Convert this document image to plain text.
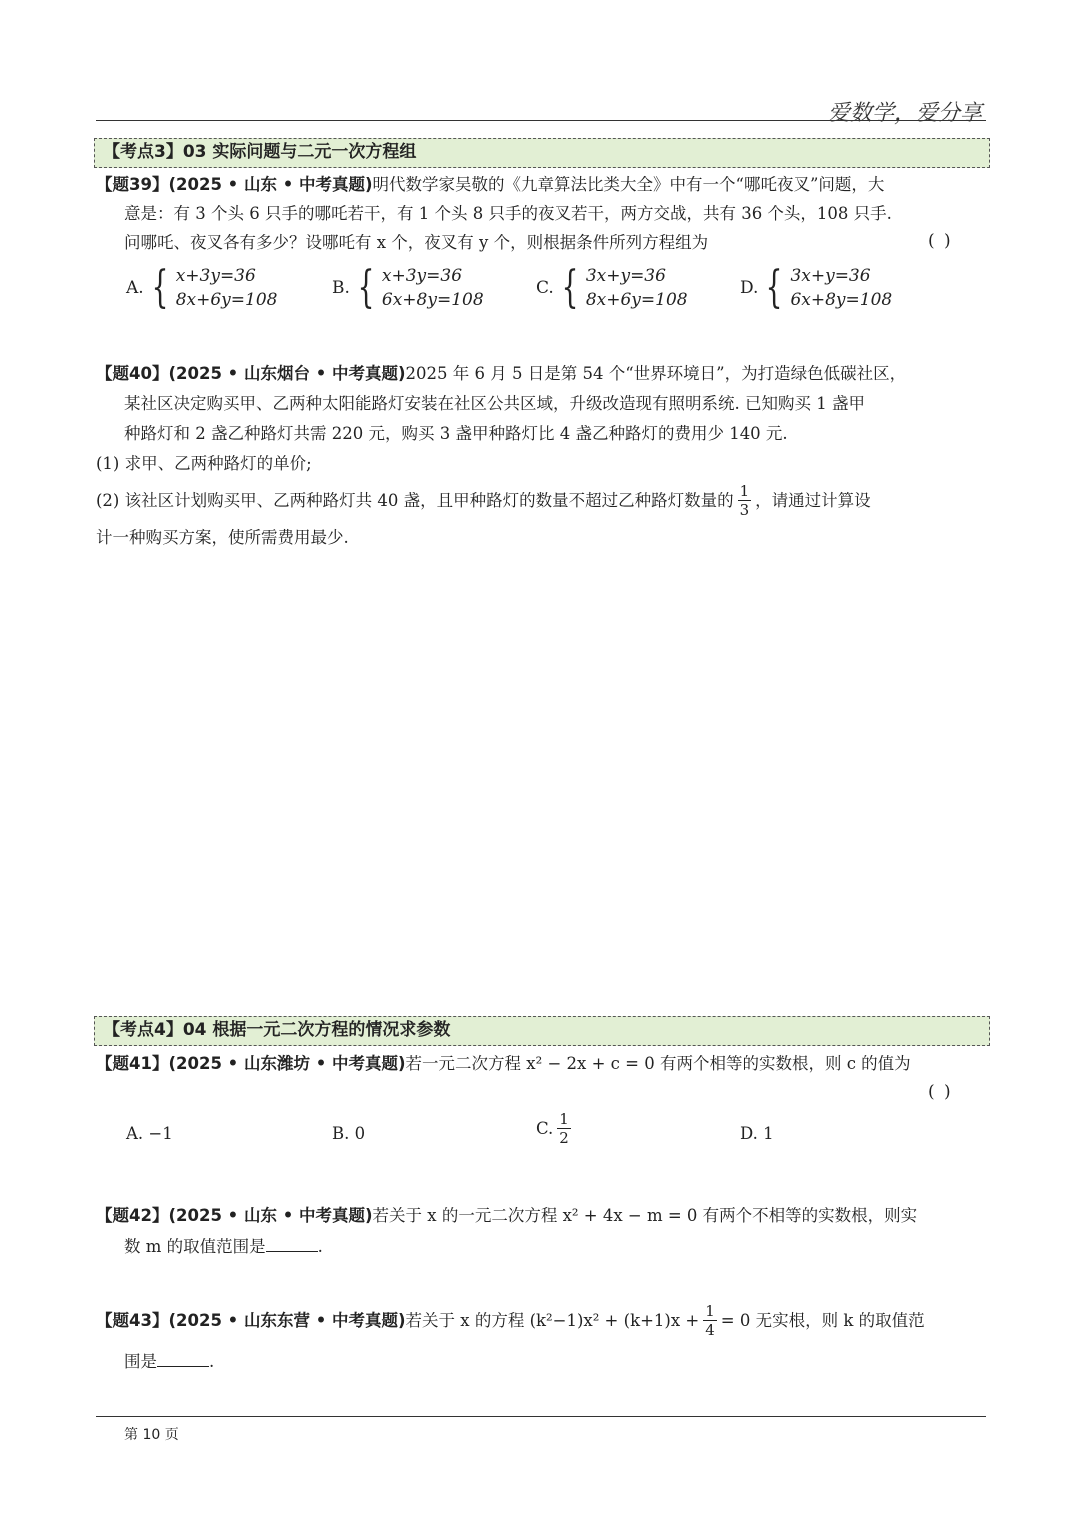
爱数学，爱分享
【考点3】03 实际问题与二元一次方程组
【题39】(2025 • 山东 • 中考真题)明代数学家吴敬的《九章算法比类大全》中有一个“哪吒夜叉”问题，大
意是：有 3 个头 6 只手的哪吒若干，有 1 个头 8 只手的夜叉若干，两方交战，共有 36 个头，108 只手.
问哪吒、夜叉各有多少？设哪吒有 x 个，夜叉有 y 个，则根据条件所列方程组为	( )
A. { x+3y=36
8x+6y=108
B. { x+3y=36
6x+8y=108
C. { 3x+y=36
8x+6y=108
D. { 3x+y=36
6x+8y=108
【题40】(2025 • 山东烟台 • 中考真题)2025 年 6 月 5 日是第 54 个“世界环境日”，为打造绿色低碳社区，
某社区决定购买甲、乙两种太阳能路灯安装在社区公共区域，升级改造现有照明系统. 已知购买 1 盏甲
种路灯和 2 盏乙种路灯共需 220 元，购买 3 盏甲种路灯比 4 盏乙种路灯的费用少 140 元.
(1) 求甲、乙两种路灯的单价;
(2) 该社区计划购买甲、乙两种路灯共 40 盏，且甲种路灯的数量不超过乙种路灯数量的 $\frac{1}{3}$ ，请通过计算设
计一种购买方案，使所需费用最少.
【考点4】04 根据一元二次方程的情况求参数
【题41】(2025 • 山东潍坊 • 中考真题)若一元二次方程 x² − 2x + c = 0 有两个相等的实数根，则 c 的值为
( )
A. −1	B. 0	C. $\frac{1}{2}$	D. 1
【题42】(2025 • 山东 • 中考真题)若关于 x 的一元二次方程 x² + 4x − m = 0 有两个不相等的实数根，则实
数 m 的取值范围是	.
【题43】 (2025 • 山东东营 • 中考真题) 若关于 x 的方程 $(k^2-1)x^2 + (k+1)x + \frac{1}{4} = 0$ 无实根，则 k 的取值范
围是	.
第 10 页
